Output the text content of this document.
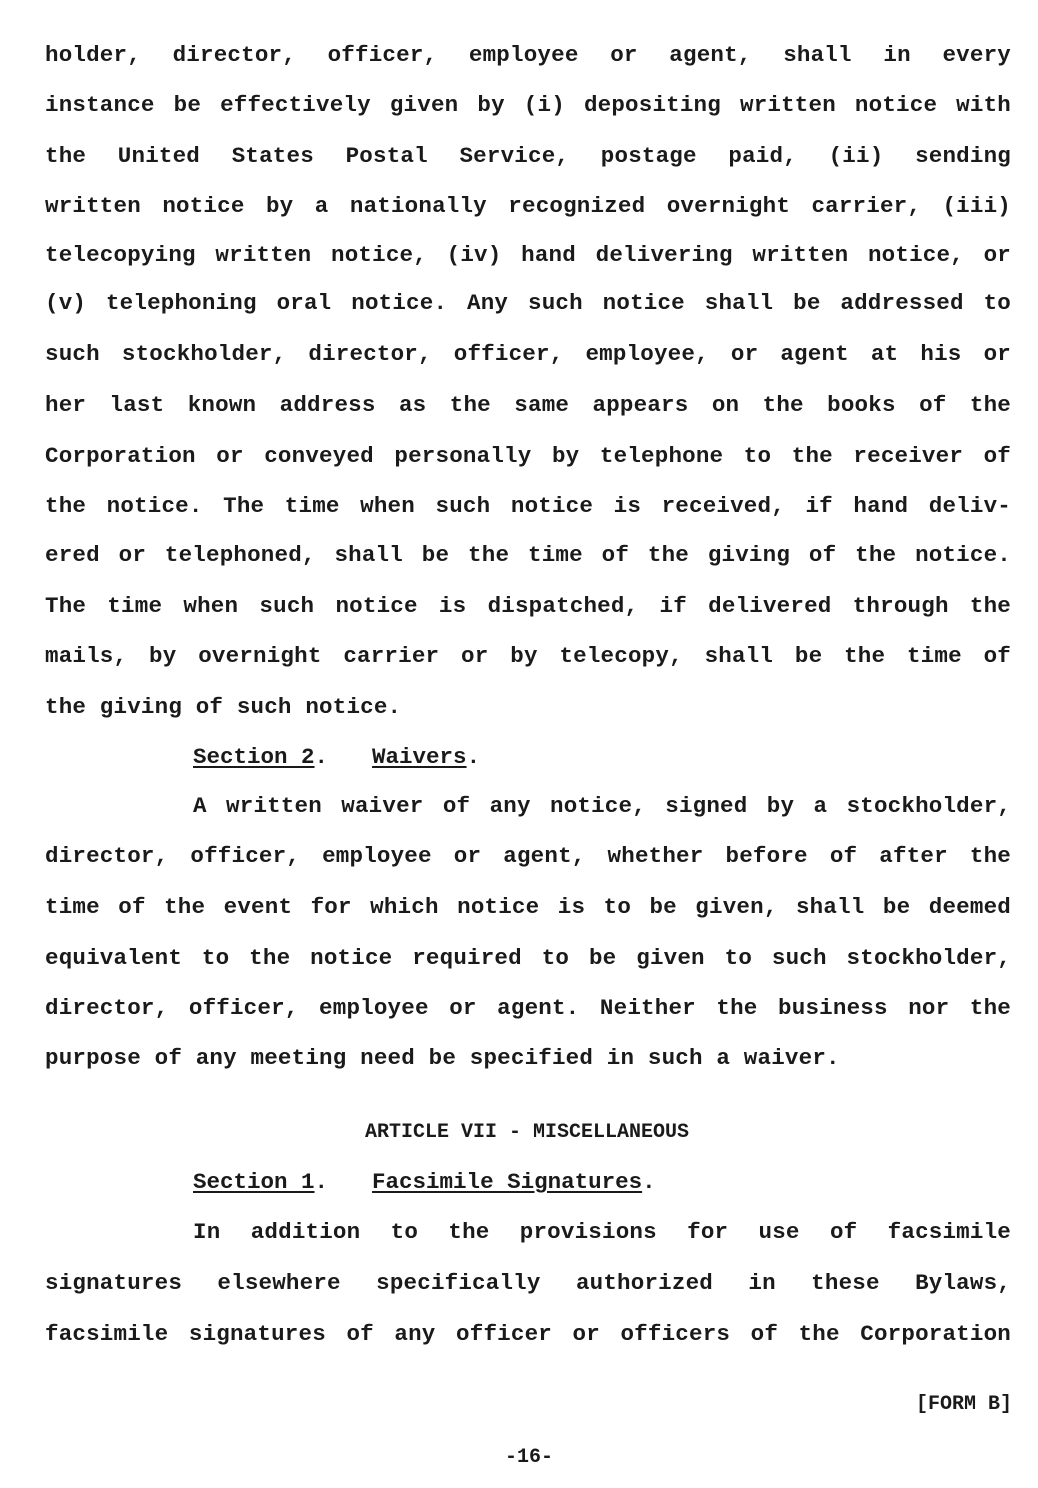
holder, director, officer, employee or agent, shall in every
instance be effectively given by (i) depositing written notice with
the United States Postal Service, postage paid, (ii) sending
written notice by a nationally recognized overnight carrier, (iii)
telecopying written notice, (iv) hand delivering written notice, or
(v) telephoning oral notice. Any such notice shall be addressed to
such stockholder, director, officer, employee, or agent at his or
her last known address as the same appears on the books of the
Corporation or conveyed personally by telephone to the receiver of
the notice. The time when such notice is received, if hand deliv-
ered or telephoned, shall be the time of the giving of the notice.
The time when such notice is dispatched, if delivered through the
mails, by overnight carrier or by telecopy, shall be the time of
the giving of such notice.
Section 2. Waivers.
A written waiver of any notice, signed by a stockholder,
director, officer, employee or agent, whether before of after the
time of the event for which notice is to be given, shall be deemed
equivalent to the notice required to be given to such stockholder,
director, officer, employee or agent. Neither the business nor the
purpose of any meeting need be specified in such a waiver.
ARTICLE VII - MISCELLANEOUS
Section 1. Facsimile Signatures.
In addition to the provisions for use of facsimile
signatures elsewhere specifically authorized in these Bylaws,
facsimile signatures of any officer or officers of the Corporation
[FORM B]
-16-
